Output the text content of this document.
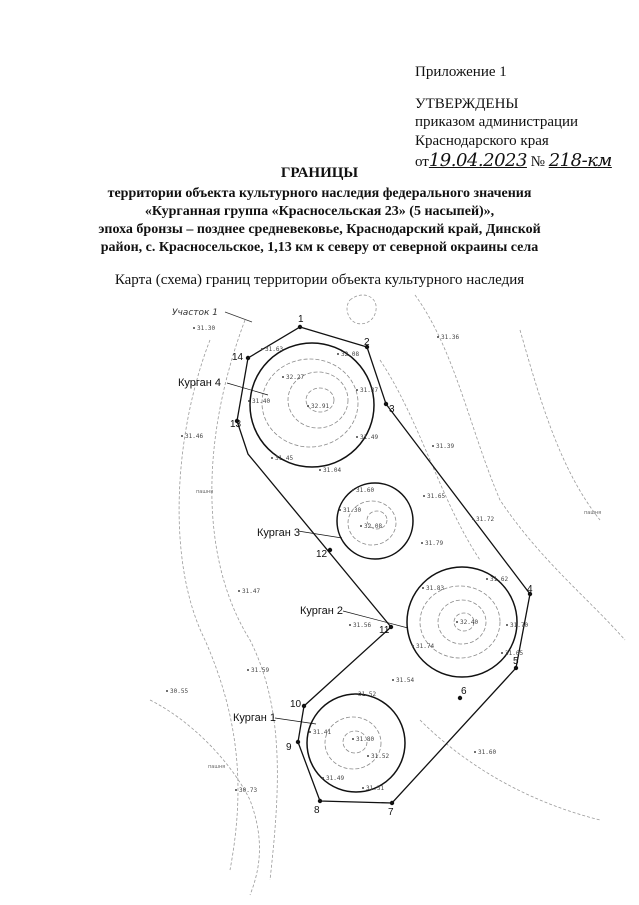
Приложение 1
УТВЕРЖДЕНЫ
приказом администрации
Краснодарского края
от19.04.2023 № 218-км
ГРАНИЦЫ
территории объекта культурного наследия федерального значения
«Курганная группа «Красносельская 23» (5 насыпей)»,
эпоха бронзы – позднее средневековье, Краснодарский край, Динской
район, с. Красносельское, 1,13 км к северу от северной окраины села
Карта (схема) границ территории объекта культурного наследия
Участок 1
Курган 4
Курган 3
Курган 2
Курган 1
1
2
3
4
5
6
7
8
9
10
11
12
13
14
31.30
31.63
32.08
32.27
31.40
32.91
31.37
31.49
31.45
31.04
31.46
31.36
31.39
31.65
31.72
32.08
31.30
31.60
31.79
31.83
32.40
31.62
31.74
31.70
31.65
31.56
31.47
31.59
31.54
31.52
31.41
31.80
31.52
31.49
31.51
31.60
30.55
30.73
пашня
пашня
пашня
